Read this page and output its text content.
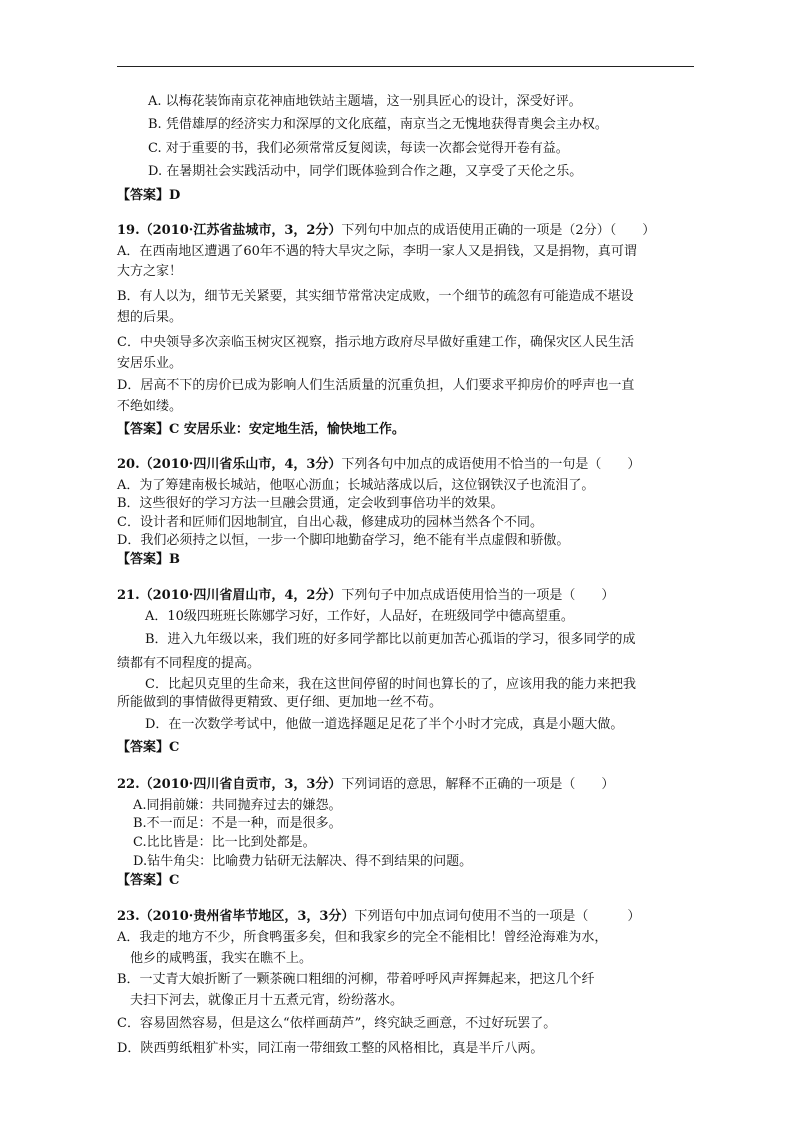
A. 以梅花装饰南京花神庙地铁站主题墙，这一别具匠心的设计，深受好评。
B. 凭借雄厚的经济实力和深厚的文化底蕴，南京当之无愧地获得青奥会主办权。
C. 对于重要的书，我们必须常常反复阅读，每读一次都会觉得开卷有益。
D. 在暑期社会实践活动中，同学们既体验到合作之趣，又享受了天伦之乐。
【答案】D
19.（2010·江苏省盐城市，3，2分）下列句中加点的成语使用正确的一项是（2分）（　　）
A．在西南地区遭遇了60年不遇的特大旱灾之际，李明一家人又是捐钱，又是捐物，真可谓
大方之家！
B．有人以为，细节无关紧要，其实细节常常决定成败，一个细节的疏忽有可能造成不堪设
想的后果。
C．中央领导多次亲临玉树灾区视察，指示地方政府尽早做好重建工作，确保灾区人民生活
安居乐业。
D．居高不下的房价已成为影响人们生活质量的沉重负担，人们要求平抑房价的呼声也一直
不绝如缕。
【答案】C 安居乐业：安定地生活，愉快地工作。
20.（2010·四川省乐山市，4，3分）下列各句中加点的成语使用不恰当的一句是（　　）
A．为了筹建南极长城站，他呕心沥血；长城站落成以后，这位钢铁汉子也流泪了。
B．这些很好的学习方法一旦融会贯通，定会收到事倍功半的效果。
C．设计者和匠师们因地制宜，自出心裁，修建成功的园林当然各个不同。
D．我们必须持之以恒，一步一个脚印地勤奋学习，绝不能有半点虚假和骄傲。
【答案】B
21.（2010·四川省眉山市，4，2分）下列句子中加点成语使用恰当的一项是（　　）
A．10级四班班长陈娜学习好，工作好，人品好，在班级同学中德高望重。
B．进入九年级以来，我们班的好多同学都比以前更加苦心孤诣的学习，很多同学的成
绩都有不同程度的提高。
C．比起贝克里的生命来，我在这世间停留的时间也算长的了，应该用我的能力来把我
所能做到的事情做得更精致、更仔细、更加地一丝不苟。
D．在一次数学考试中，他做一道选择题足足花了半个小时才完成，真是小题大做。
【答案】C
22.（2010·四川省自贡市，3，3分）下列词语的意思，解释不正确的一项是（　　）
A.同捐前嫌：共同抛弃过去的嫌怨。
B.不一而足：不是一种，而是很多。
C.比比皆是：比一比到处都是。
D.钻牛角尖：比喻费力钻研无法解决、得不到结果的问题。
【答案】C
23.（2010·贵州省毕节地区，3，3分）下列语句中加点词句使用不当的一项是（　　　）
A．我走的地方不少，所食鸭蛋多矣，但和我家乡的完全不能相比！曾经沧海难为水，
他乡的咸鸭蛋，我实在瞧不上。
B．一丈青大娘折断了一颗茶碗口粗细的河柳，带着呼呼风声挥舞起来，把这几个纤
夫扫下河去，就像正月十五煮元宵，纷纷落水。
C．容易固然容易，但是这么“依样画葫芦”，终究缺乏画意，不过好玩罢了。
D．陕西剪纸粗犷朴实，同江南一带细致工整的风格相比，真是半斤八两。
